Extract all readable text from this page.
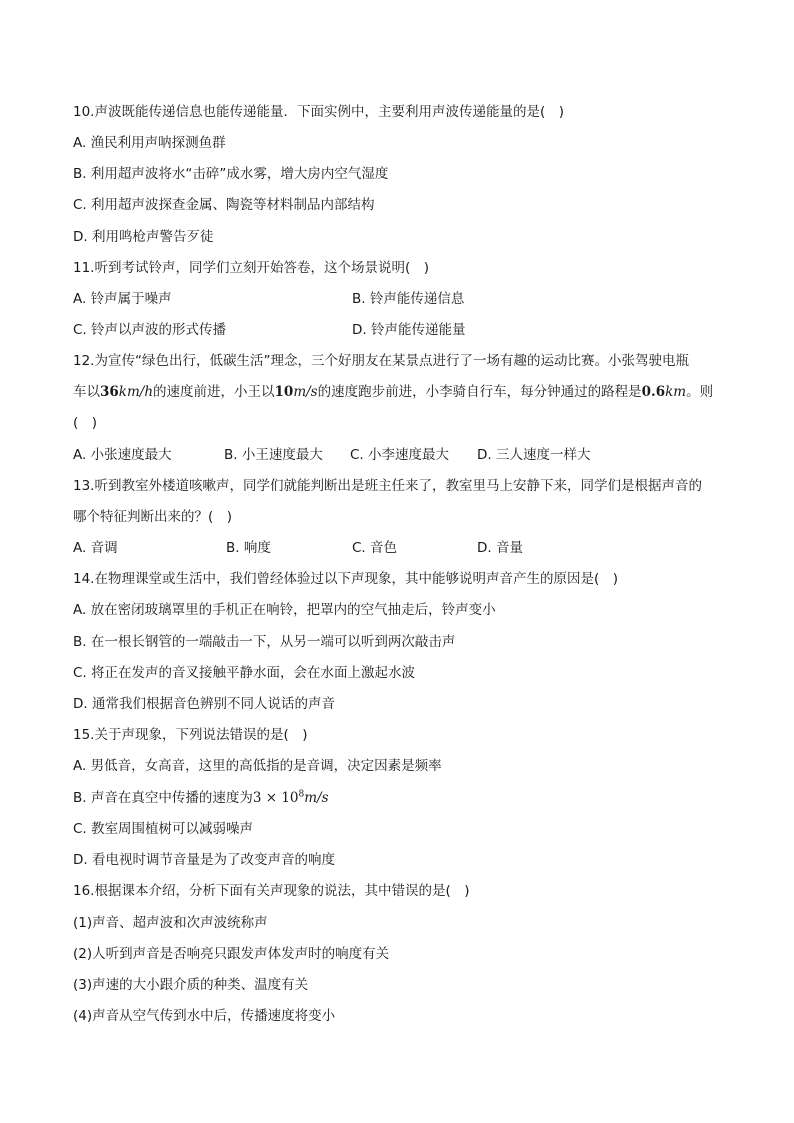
10.声波既能传递信息也能传递能量．下面实例中，主要利用声波传递能量的是(　)
A. 渔民利用声呐探测鱼群
B. 利用超声波将水“击碎”成水雾，增大房内空气湿度
C. 利用超声波探查金属、陶瓷等材料制品内部结构
D. 利用鸣枪声警告歹徒
11.听到考试铃声，同学们立刻开始答卷，这个场景说明(　)
A. 铃声属于噪声	B. 铃声能传递信息
C. 铃声以声波的形式传播	D. 铃声能传递能量
12.为宣传“绿色出行，低碳生活”理念，三个好朋友在某景点进行了一场有趣的运动比赛。小张驾驶电瓶
车以36km/h的速度前进，小王以10m/s的速度跑步前进，小李骑自行车，每分钟通过的路程是0.6km。则
(　)
A. 小张速度最大	B. 小王速度最大 C. 小李速度最大 D. 三人速度一样大
13.听到教室外楼道咳嗽声，同学们就能判断出是班主任来了，教室里马上安静下来，同学们是根据声音的
哪个特征判断出来的？(　)
A. 音调	B. 响度	C. 音色	D. 音量
14.在物理课堂或生活中，我们曾经体验过以下声现象，其中能够说明声音产生的原因是(　)
A. 放在密闭玻璃罩里的手机正在响铃，把罩内的空气抽走后，铃声变小
B. 在一根长钢管的一端敲击一下，从另一端可以听到两次敲击声
C. 将正在发声的音叉接触平静水面，会在水面上激起水波
D. 通常我们根据音色辨别不同人说话的声音
15.关于声现象，下列说法错误的是(　)
A. 男低音，女高音，这里的高低指的是音调，决定因素是频率
B. 声音在真空中传播的速度为$3 \times 10^8m/s$
C. 教室周围植树可以减弱噪声
D. 看电视时调节音量是为了改变声音的响度
16.根据课本介绍，分析下面有关声现象的说法，其中错误的是(　)
(1)声音、超声波和次声波统称声
(2)人听到声音是否响亮只跟发声体发声时的响度有关
(3)声速的大小跟介质的种类、温度有关
(4)声音从空气传到水中后，传播速度将变小
